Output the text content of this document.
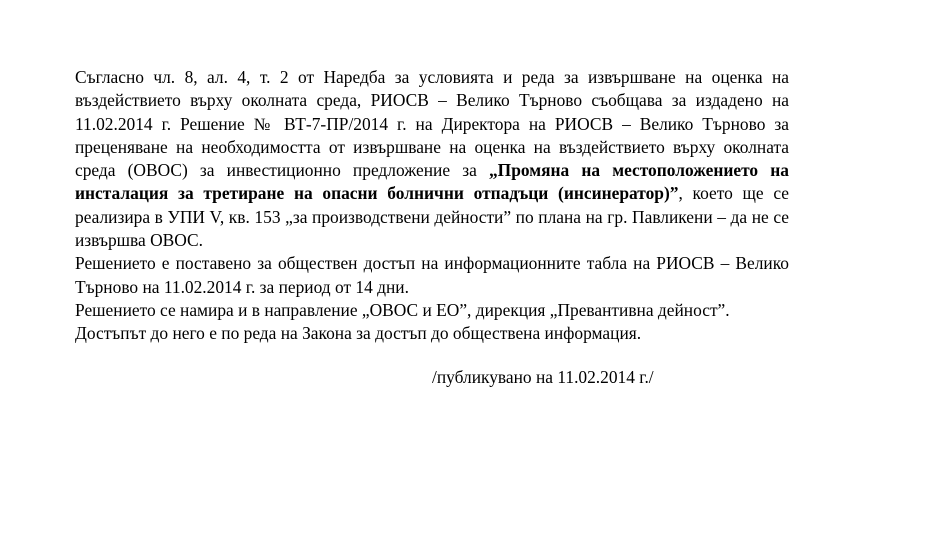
Съгласно чл. 8, ал. 4, т. 2 от Наредба за условията и реда за извършване на оценка на въздействието върху околната среда, РИОСВ – Велико Търново съобщава за издадено на 11.02.2014 г. Решение № ВТ-7-ПР/2014 г. на Директора на РИОСВ – Велико Търново за преценяване на необходимостта от извършване на оценка на въздействието върху околната среда (ОВОС) за инвестиционно предложение за „Промяна на местоположението на инсталация за третиране на опасни болнични отпадъци (инсинератор)”, което ще се реализира в УПИ V, кв. 153 „за производствени дейности” по плана на гр. Павликени – да не се извършва ОВОС.

Решението е поставено за обществен достъп на информационните табла на РИОСВ – Велико Търново на 11.02.2014 г. за период от 14 дни.

Решението се намира и в направление „ОВОС и ЕО”, дирекция „Превантивна дейност”.

Достъпът до него е по реда на Закона за достъп до обществена информация.

/публикувано на 11.02.2014 г./
